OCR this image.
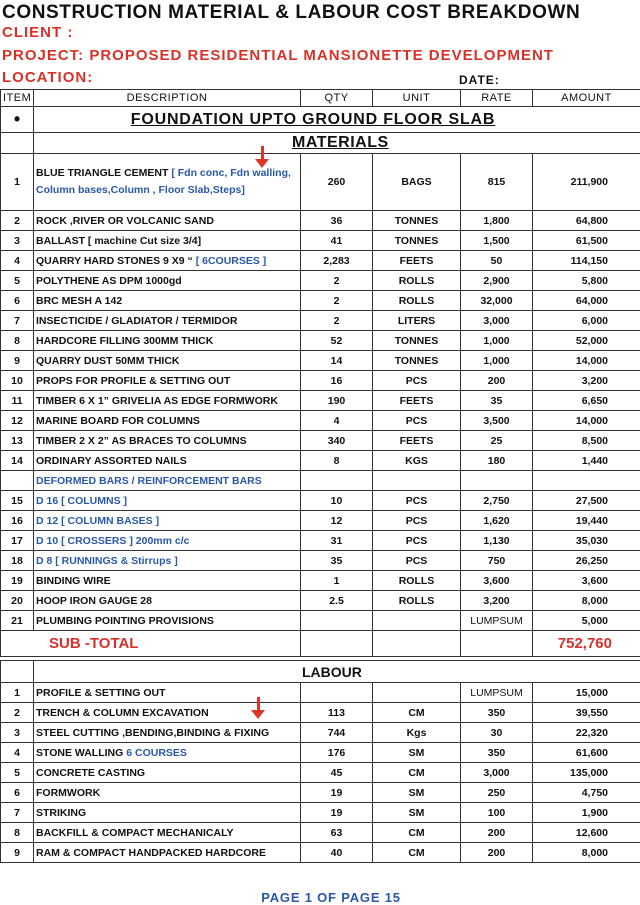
CONSTRUCTION MATERIAL & LABOUR COST BREAKDOWN
CLIENT :
PROJECT: PROPOSED RESIDENTIAL MANSIONETTE DEVELOPMENT
LOCATION:	DATE:
ITEM	DESCRIPTION	QTY	UNIT	RATE	AMOUNT
•	FOUNDATION UPTO GROUND FLOOR SLAB				
	MATERIALS				
1	BLUE TRIANGLE CEMENT [ Fdn conc, Fdn walling, Column bases,Column , Floor Slab,Steps]	260	BAGS	815	211,900
2	ROCK ,RIVER OR VOLCANIC SAND	36	TONNES	1,800	64,800
3	BALLAST [ machine Cut size 3/4]	41	TONNES	1,500	61,500
4	QUARRY HARD STONES 9 X9 “ [ 6COURSES ]	2,283	FEETS	50	114,150
5	POLYTHENE AS DPM 1000gd	2	ROLLS	2,900	5,800
6	BRC MESH A 142	2	ROLLS	32,000	64,000
7	INSECTICIDE / GLADIATOR / TERMIDOR	2	LITERS	3,000	6,000
8	HARDCORE FILLING 300MM THICK	52	TONNES	1,000	52,000
9	QUARRY DUST 50MM THICK	14	TONNES	1,000	14,000
10	PROPS FOR PROFILE & SETTING OUT	16	PCS	200	3,200
11	TIMBER 6 X 1” GRIVELIA AS EDGE FORMWORK	190	FEETS	35	6,650
12	MARINE BOARD FOR COLUMNS	4	PCS	3,500	14,000
13	TIMBER 2 X 2” AS BRACES TO COLUMNS	340	FEETS	25	8,500
14	ORDINARY ASSORTED NAILS	8	KGS	180	1,440
	DEFORMED BARS / REINFORCEMENT BARS				
15	D 16 [ COLUMNS ]	10	PCS	2,750	27,500
16	D 12 [ COLUMN BASES ]	12	PCS	1,620	19,440
17	D 10 [ CROSSERS ] 200mm c/c	31	PCS	1,130	35,030
18	D 8 [ RUNNINGS & Stirrups ]	35	PCS	750	26,250
19	BINDING WIRE	1	ROLLS	3,600	3,600
20	HOOP IRON GAUGE 28	2.5	ROLLS	3,200	8,000
21	PLUMBING POINTING PROVISIONS			LUMPSUM	5,000
SUB -TOTAL					752,760

	LABOUR				
1	PROFILE & SETTING OUT			LUMPSUM	15,000
2	TRENCH & COLUMN EXCAVATION	113	CM	350	39,550
3	STEEL CUTTING ,BENDING,BINDING & FIXING	744	Kgs	30	22,320
4	STONE WALLING 6 COURSES	176	SM	350	61,600
5	CONCRETE CASTING	45	CM	3,000	135,000
6	FORMWORK	19	SM	250	4,750
7	STRIKING	19	SM	100	1,900
8	BACKFILL & COMPACT MECHANICALY	63	CM	200	12,600
9	RAM & COMPACT HANDPACKED HARDCORE	40	CM	200	8,000
PAGE 1 OF PAGE 15
